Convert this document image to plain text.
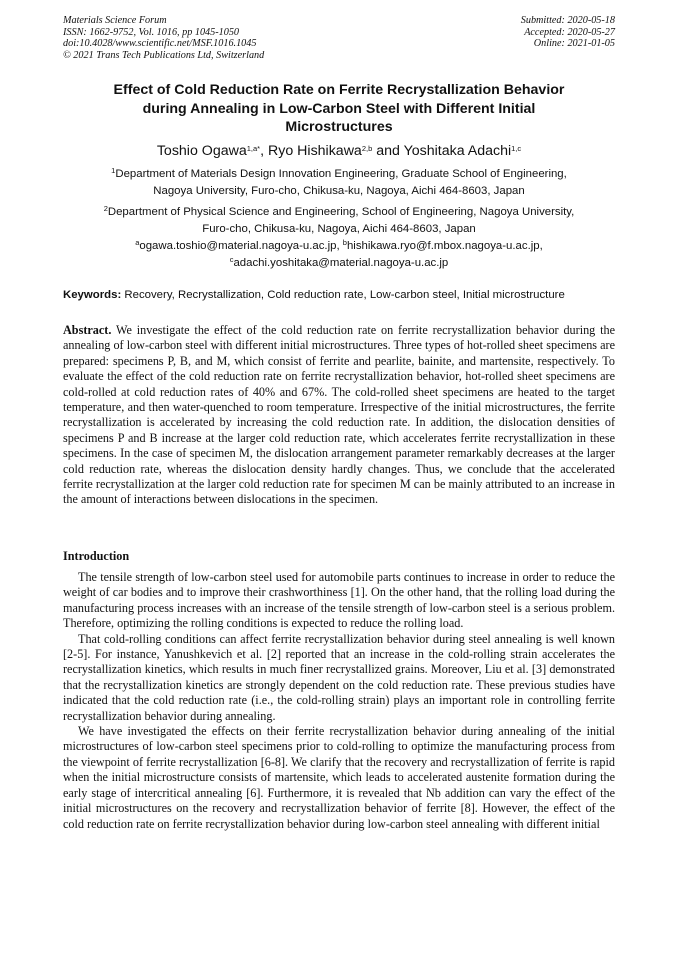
Materials Science Forum
ISSN: 1662-9752, Vol. 1016, pp 1045-1050
doi:10.4028/www.scientific.net/MSF.1016.1045
© 2021 Trans Tech Publications Ltd, Switzerland
Submitted: 2020-05-18
Accepted: 2020-05-27
Online: 2021-01-05
Effect of Cold Reduction Rate on Ferrite Recrystallization Behavior
during Annealing in Low-Carbon Steel with Different Initial
Microstructures
Toshio Ogawa$^{1,a*}$, Ryo Hishikawa$^{2,b}$ and Yoshitaka Adachi$^{1,c}$
$^1$Department of Materials Design Innovation Engineering, Graduate School of Engineering,
Nagoya University, Furo-cho, Chikusa-ku, Nagoya, Aichi 464-8603, Japan
$^2$Department of Physical Science and Engineering, School of Engineering, Nagoya University,
Furo-cho, Chikusa-ku, Nagoya, Aichi 464-8603, Japan
$^a$ogawa.toshio@material.nagoya-u.ac.jp, $^b$hishikawa.ryo@f.mbox.nagoya-u.ac.jp,
$^c$adachi.yoshitaka@material.nagoya-u.ac.jp
Keywords: Recovery, Recrystallization, Cold reduction rate, Low-carbon steel, Initial microstructure

Abstract. We investigate the effect of the cold reduction rate on ferrite recrystallization behavior during the annealing of low-carbon steel with different initial microstructures. Three types of hot-rolled sheet specimens are prepared: specimens P, B, and M, which consist of ferrite and pearlite, bainite, and martensite, respectively. To evaluate the effect of the cold reduction rate on ferrite recrystallization behavior, hot-rolled sheet specimens are cold-rolled at cold reduction rates of 40% and 67%. The cold-rolled sheet specimens are heated to the target temperature, and then water-quenched to room temperature. Irrespective of the initial microstructures, the ferrite recrystallization is accelerated by increasing the cold reduction rate. In addition, the dislocation densities of specimens P and B increase at the larger cold reduction rate, which accelerates ferrite recrystallization in these specimens. In the case of specimen M, the dislocation arrangement parameter remarkably decreases at the larger cold reduction rate, whereas the dislocation density hardly changes. Thus, we conclude that the accelerated ferrite recrystallization at the larger cold reduction rate for specimen M can be mainly attributed to an increase in the amount of interactions between dislocations in the specimen.

Introduction

The tensile strength of low-carbon steel used for automobile parts continues to increase in order to reduce the weight of car bodies and to improve their crashworthiness [1]. On the other hand, that the rolling load during the manufacturing process increases with an increase of the tensile strength of low-carbon steel is a serious problem. Therefore, optimizing the rolling conditions is expected to reduce the rolling load.

That cold-rolling conditions can affect ferrite recrystallization behavior during steel annealing is well known [2-5]. For instance, Yanushkevich et al. [2] reported that an increase in the cold-rolling strain accelerates the recrystallization kinetics, which results in much finer recrystallized grains. Moreover, Liu et al. [3] demonstrated that the recrystallization kinetics are strongly dependent on the cold reduction rate. These previous studies have indicated that the cold reduction rate (i.e., the cold-rolling strain) plays an important role in controlling ferrite recrystallization behavior during annealing.

We have investigated the effects on their ferrite recrystallization behavior during annealing of the initial microstructures of low-carbon steel specimens prior to cold-rolling to optimize the manufacturing process from the viewpoint of ferrite recrystallization [6-8]. We clarify that the recovery and recrystallization of ferrite is rapid when the initial microstructure consists of martensite, which leads to accelerated austenite formation during the early stage of intercritical annealing [6]. Furthermore, it is revealed that Nb addition can vary the effect of the initial microstructures on the recovery and recrystallization behavior of ferrite [8]. However, the effect of the cold reduction rate on ferrite recrystallization behavior during low-carbon steel annealing with different initial
